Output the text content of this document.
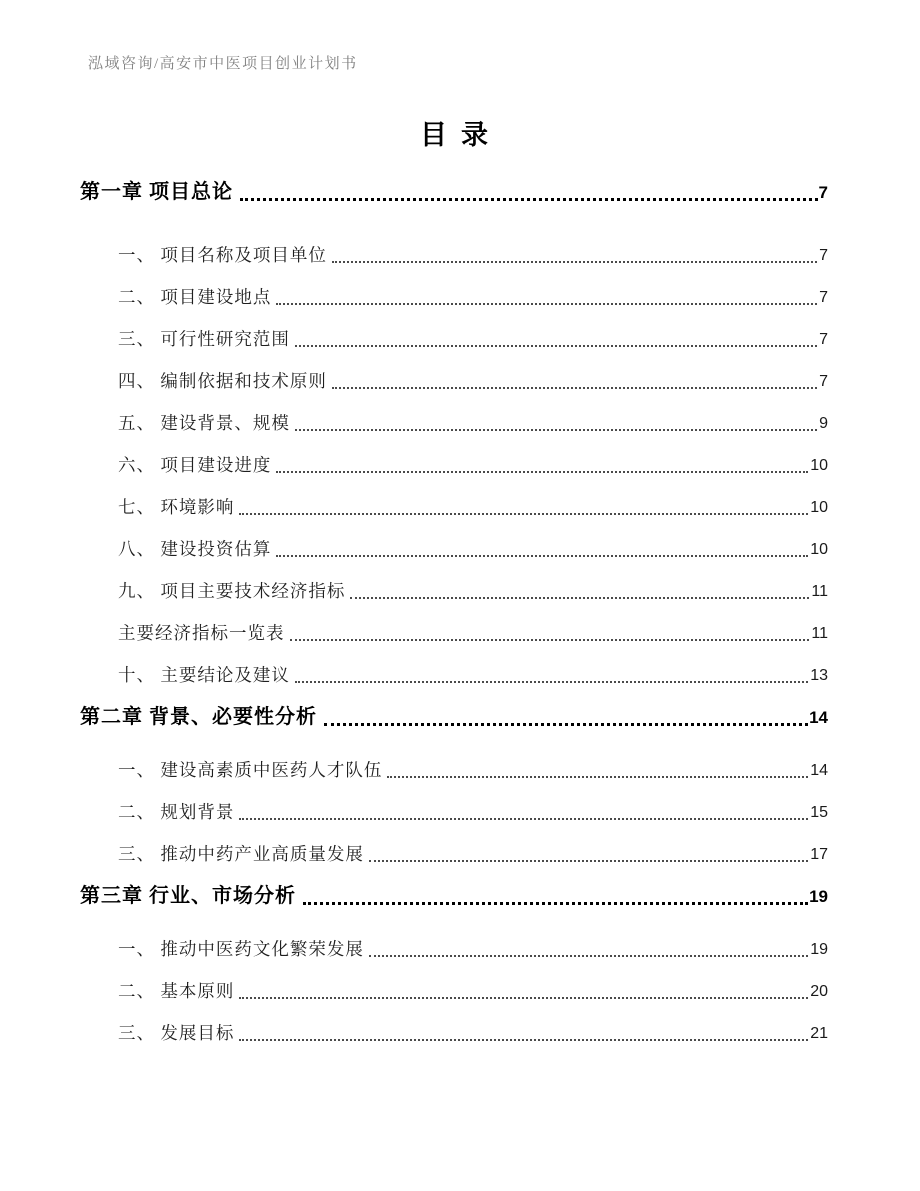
泓域咨询/高安市中医项目创业计划书
目录
第一章 项目总论	7
一、 项目名称及项目单位	7
二、 项目建设地点	7
三、 可行性研究范围	7
四、 编制依据和技术原则	7
五、 建设背景、规模	9
六、 项目建设进度	10
七、 环境影响	10
八、 建设投资估算	10
九、 项目主要技术经济指标	11
主要经济指标一览表	11
十、 主要结论及建议	13
第二章 背景、必要性分析	14
一、 建设高素质中医药人才队伍	14
二、 规划背景	15
三、 推动中药产业高质量发展	17
第三章 行业、市场分析	19
一、 推动中医药文化繁荣发展	19
二、 基本原则	20
三、 发展目标	21
